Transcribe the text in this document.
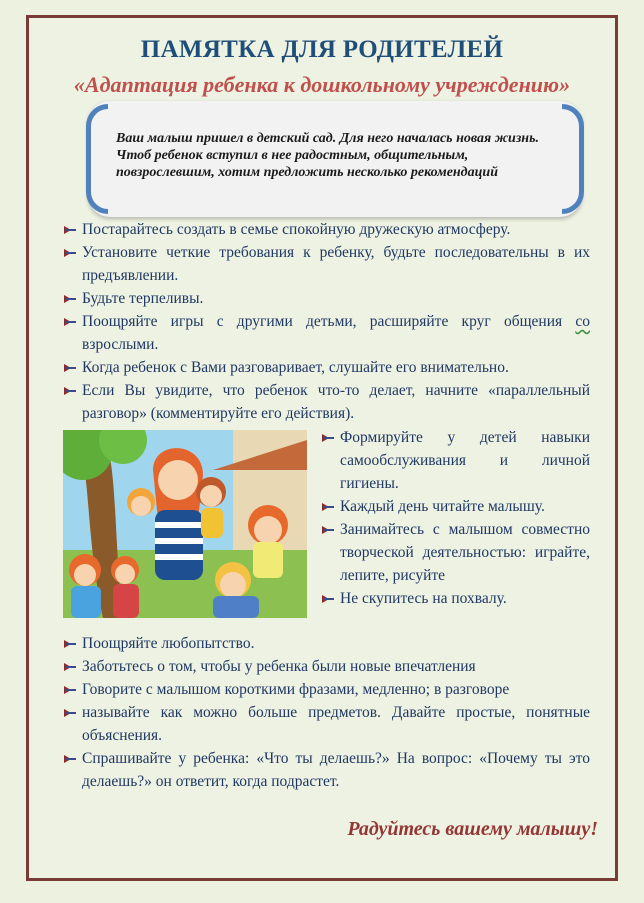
ПАМЯТКА ДЛЯ РОДИТЕЛЕЙ
«Адаптация ребенка к дошкольному учреждению»
Ваш малыш пришел в детский сад. Для него началась новая жизнь. Чтоб ребенок вступил в нее радостным, общительным, повзрослевшим, хотим предложить несколько рекомендаций
Постарайтесь создать в семье спокойную дружескую атмосферу.
Установите четкие требования к ребенку, будьте последовательны в их предъявлении.
Будьте терпеливы.
Поощряйте игры с другими детьми, расширяйте круг общения со взрослыми.
Когда ребенок с Вами разговаривает, слушайте его внимательно.
Если Вы увидите, что ребенок что-то делает, начните «параллельный разговор» (комментируйте его действия).
Формируйте у детей навыки самообслуживания и личной гигиены.
Каждый день читайте малышу.
Занимайтесь с малышом совместно творческой деятельностью: играйте, лепите, рисуйте
Не скупитесь на похвалу.
Поощряйте любопытство.
Заботьтесь о том, чтобы у ребенка были новые впечатления
Говорите с малышом короткими фразами, медленно; в разговоре
называйте как можно больше предметов. Давайте простые, понятные объяснения.
Спрашивайте у ребенка: «Что ты делаешь?» На вопрос: «Почему ты это делаешь?» он ответит, когда подрастет.
Радуйтесь вашему малышу!
